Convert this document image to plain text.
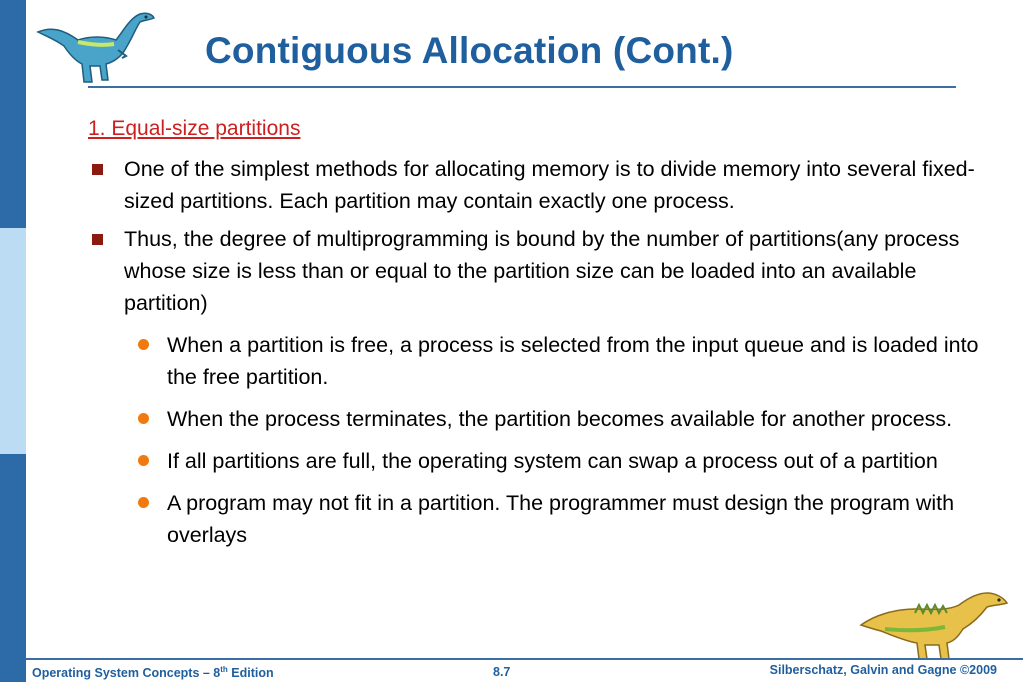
Contiguous Allocation (Cont.)
1. Equal-size partitions
One of the simplest methods for allocating memory is to divide memory into several fixed-sized partitions. Each partition may contain exactly one process.
Thus, the degree of multiprogramming is bound by the number of partitions(any process whose size is less than or equal to the partition size can be loaded into an available partition)
When a partition is free, a process is selected from the input queue and is loaded into the free partition.
When the process terminates, the partition becomes available for another process.
If all partitions are full, the operating system can swap a process out of a partition
A program may not fit in a partition. The programmer must design the program with overlays
Operating System Concepts – 8th Edition	8.7	Silberschatz, Galvin and Gagne ©2009
